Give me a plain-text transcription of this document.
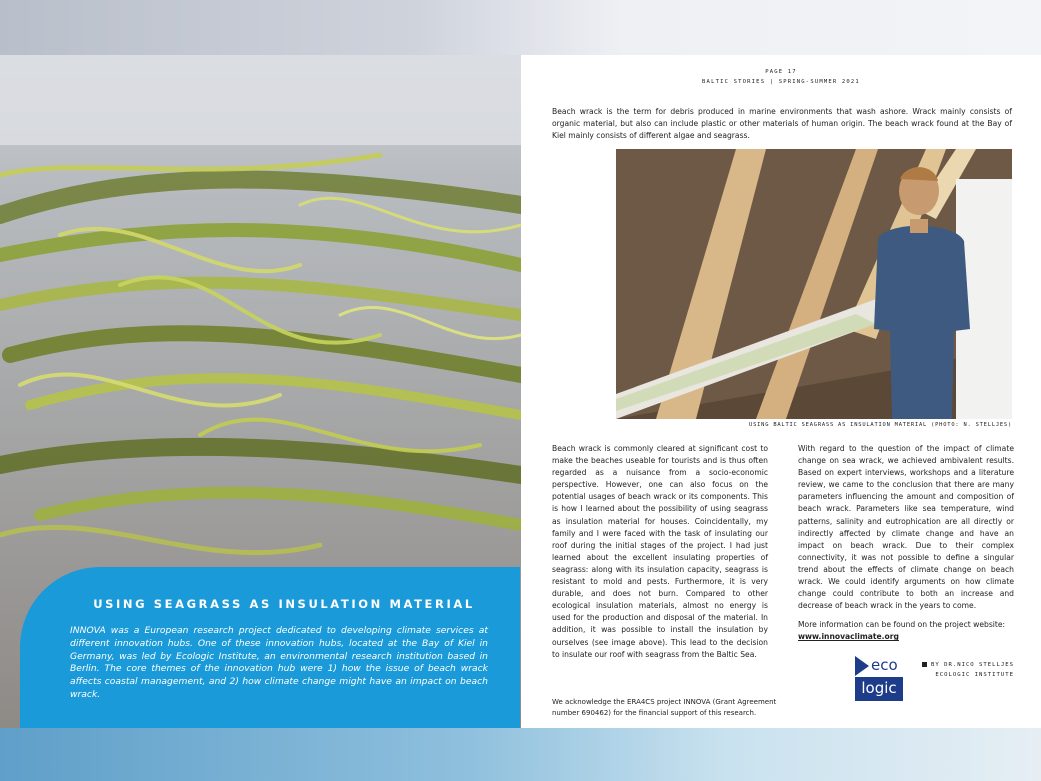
USING SEAGRASS AS INSULATION MATERIAL

INNOVA was a European research project dedicated to developing climate services at different innovation hubs. One of these innovation hubs, located at the Bay of Kiel in Germany, was led by Ecologic Institute, an environmental research institution based in Berlin. The core themes of the innovation hub were 1) how the issue of beach wrack affects coastal management, and 2) how climate change might have an impact on beach wrack.

PAGE 17
BALTIC STORIES | SPRING-SUMMER 2021

Beach wrack is the term for debris produced in marine environments that wash ashore. Wrack mainly consists of organic material, but also can include plastic or other materials of human origin. The beach wrack found at the Bay of Kiel mainly consists of different algae and seagrass.

USING BALTIC SEAGRASS AS INSULATION MATERIAL (PHOTO: N. STELLJES)

Beach wrack is commonly cleared at significant cost to make the beaches useable for tourists and is thus often regarded as a nuisance from a socio-economic perspective. However, one can also focus on the potential usages of beach wrack or its components. This is how I learned about the possibility of using seagrass as insulation material for houses. Coincidentally, my family and I were faced with the task of insulating our roof during the initial stages of the project. I had just learned about the excellent insulating properties of seagrass: along with its insulation capacity, seagrass is resistant to mold and pests. Furthermore, it is very durable, and does not burn. Compared to other ecological insulation materials, almost no energy is used for the production and disposal of the material. In addition, it was possible to install the insulation by ourselves (see image above). This lead to the decision to insulate our roof with seagrass from the Baltic Sea.

With regard to the question of the impact of climate change on sea wrack, we achieved ambivalent results. Based on expert interviews, workshops and a literature review, we came to the conclusion that there are many parameters influencing the amount and composition of beach wrack. Parameters like sea temperature, wind patterns, salinity and eutrophication are all directly or indirectly affected by climate change and have an impact on beach wrack. Due to their complex connectivity, it was not possible to define a singular trend about the effects of climate change on beach wrack. We could identify arguments on how climate change could contribute to both an increase and decrease of beach wrack in the years to come.

More information can be found on the project website:
www.innovaclimate.org

We acknowledge the ERA4CS project INNOVA (Grant Agreement number 690462) for the financial support of this research.

eco
logic
BY DR.NICO STELLJES
ECOLOGIC INSTITUTE
